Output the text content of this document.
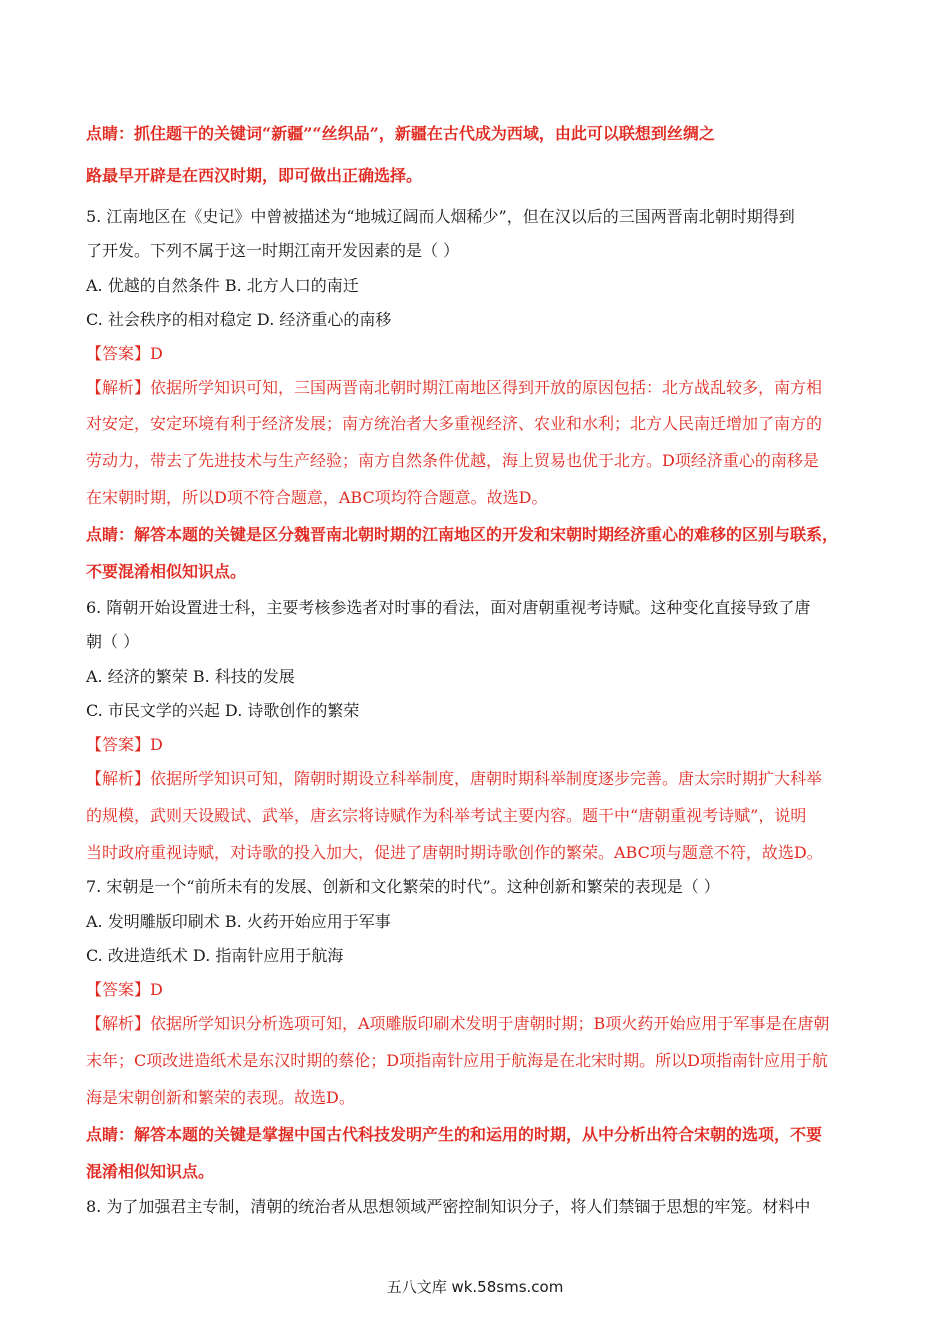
点睛：抓住题干的关键词“新疆”“丝织品”，新疆在古代成为西域，由此可以联想到丝绸之

路最早开辟是在西汉时期，即可做出正确选择。

5. 江南地区在《史记》中曾被描述为“地城辽阔而人烟稀少”，但在汉以后的三国两晋南北朝时期得到

了开发。下列不属于这一时期江南开发因素的是（ ）

A. 优越的自然条件 B. 北方人口的南迁

C. 社会秩序的相对稳定 D. 经济重心的南移

【答案】D

【解析】依据所学知识可知，三国两晋南北朝时期江南地区得到开放的原因包括：北方战乱较多，南方相

对安定，安定环境有利于经济发展；南方统治者大多重视经济、农业和水利；北方人民南迁增加了南方的

劳动力，带去了先进技术与生产经验；南方自然条件优越，海上贸易也优于北方。D项经济重心的南移是

在宋朝时期，所以D项不符合题意，ABC项均符合题意。故选D。

点睛：解答本题的关键是区分魏晋南北朝时期的江南地区的开发和宋朝时期经济重心的难移的区别与联系，

不要混淆相似知识点。

6. 隋朝开始设置进士科，主要考核参选者对时事的看法，面对唐朝重视考诗赋。这种变化直接导致了唐

朝（ ）

A. 经济的繁荣 B. 科技的发展

C. 市民文学的兴起 D. 诗歌创作的繁荣

【答案】D

【解析】依据所学知识可知，隋朝时期设立科举制度，唐朝时期科举制度逐步完善。唐太宗时期扩大科举

的规模，武则天设殿试、武举，唐玄宗将诗赋作为科举考试主要内容。题干中“唐朝重视考诗赋”，说明

当时政府重视诗赋，对诗歌的投入加大，促进了唐朝时期诗歌创作的繁荣。ABC项与题意不符，故选D。

7. 宋朝是一个“前所未有的发展、创新和文化繁荣的时代”。这种创新和繁荣的表现是（ ）

A. 发明雕版印刷术 B. 火药开始应用于军事

C. 改进造纸术 D. 指南针应用于航海

【答案】D

【解析】依据所学知识分析选项可知，A项雕版印刷术发明于唐朝时期；B项火药开始应用于军事是在唐朝

末年；C项改进造纸术是东汉时期的蔡伦；D项指南针应用于航海是在北宋时期。所以D项指南针应用于航

海是宋朝创新和繁荣的表现。故选D。

点睛：解答本题的关键是掌握中国古代科技发明产生的和运用的时期，从中分析出符合宋朝的选项，不要

混淆相似知识点。

8. 为了加强君主专制，清朝的统治者从思想领域严密控制知识分子，将人们禁锢于思想的牢笼。材料中

五八文库 wk.58sms.com
